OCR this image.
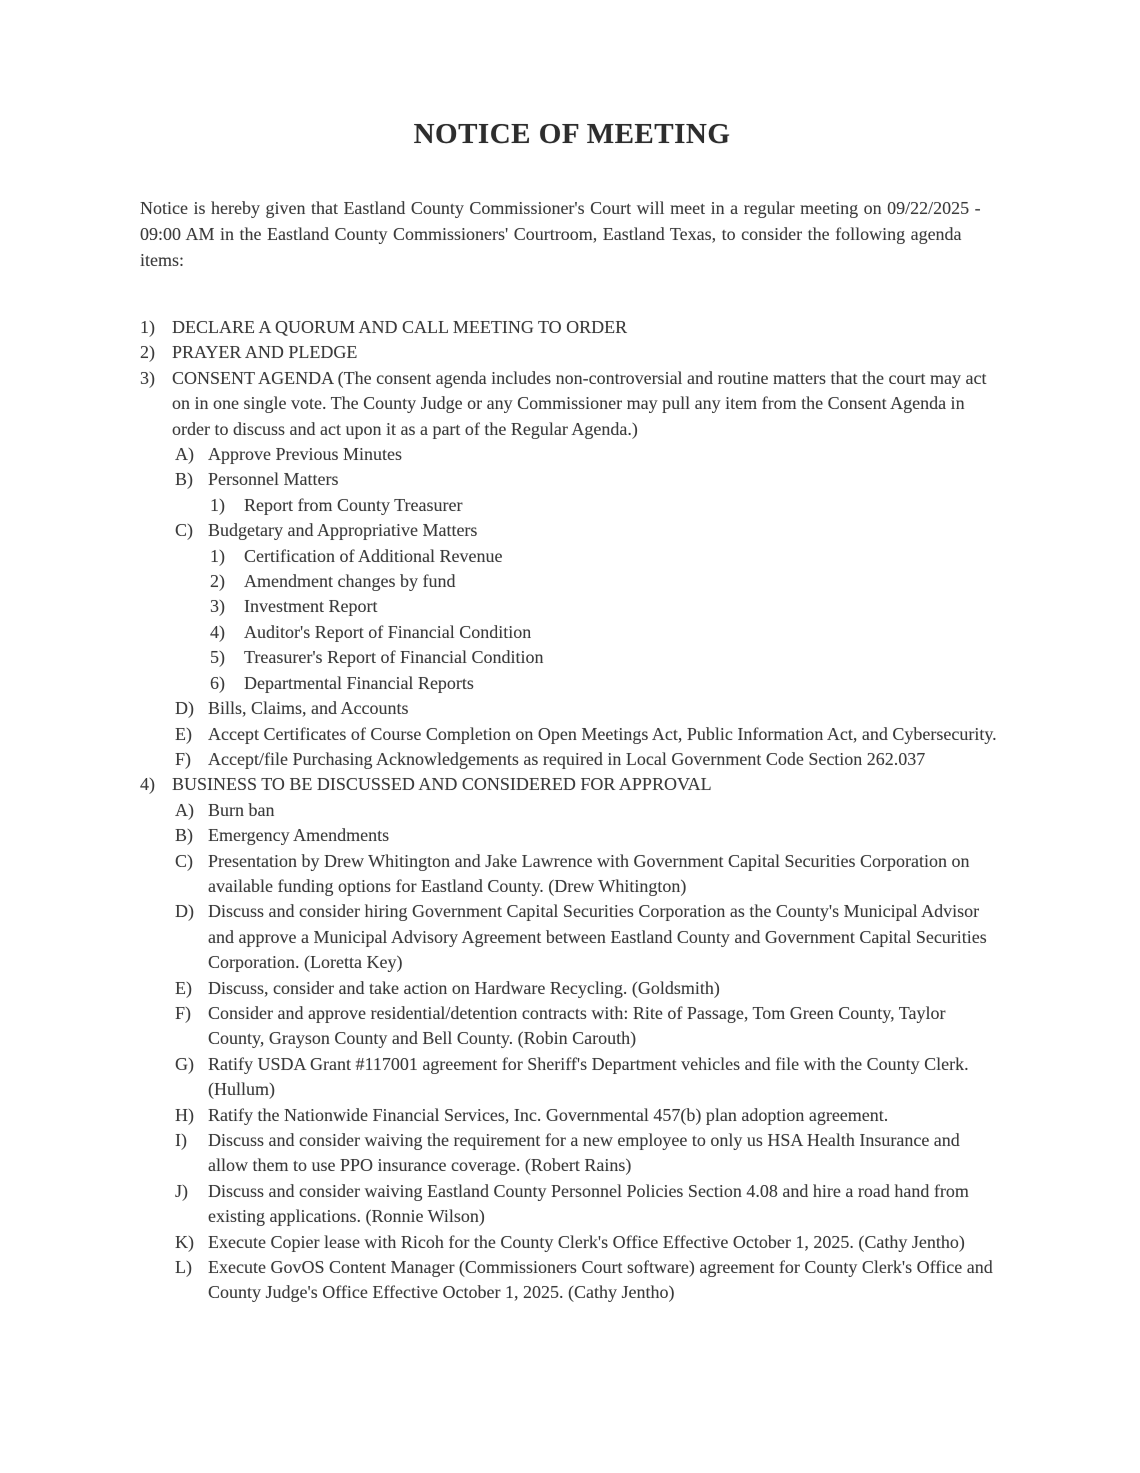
NOTICE OF MEETING

Notice is hereby given that Eastland County Commissioner's Court will meet in a regular meeting on 09/22/2025 - 09:00 AM in the Eastland County Commissioners' Courtroom, Eastland Texas, to consider the following agenda items:

1) DECLARE A QUORUM AND CALL MEETING TO ORDER
2) PRAYER AND PLEDGE
3) CONSENT AGENDA (The consent agenda includes non-controversial and routine matters that the court may act on in one single vote. The County Judge or any Commissioner may pull any item from the Consent Agenda in order to discuss and act upon it as a part of the Regular Agenda.)
A) Approve Previous Minutes
B) Personnel Matters
1)	Report from County Treasurer
C) Budgetary and Appropriative Matters
1)	Certification of Additional Revenue
2)	Amendment changes by fund
3)	Investment Report
4)	Auditor's Report of Financial Condition
5)	Treasurer's Report of Financial Condition
6)	Departmental Financial Reports
D) Bills, Claims, and Accounts
E) Accept Certificates of Course Completion on Open Meetings Act, Public Information Act, and Cybersecurity.
F) Accept/file Purchasing Acknowledgements as required in Local Government Code Section 262.037
4) BUSINESS TO BE DISCUSSED AND CONSIDERED FOR APPROVAL
A) Burn ban
B) Emergency Amendments
C) Presentation by Drew Whitington and Jake Lawrence with Government Capital Securities Corporation on available funding options for Eastland County. (Drew Whitington)
D) Discuss and consider hiring Government Capital Securities Corporation as the County's Municipal Advisor and approve a Municipal Advisory Agreement between Eastland County and Government Capital Securities Corporation. (Loretta Key)
E) Discuss, consider and take action on Hardware Recycling. (Goldsmith)
F) Consider and approve residential/detention contracts with: Rite of Passage, Tom Green County, Taylor County, Grayson County and Bell County. (Robin Carouth)
G) Ratify USDA Grant #117001 agreement for Sheriff's Department vehicles and file with the County Clerk. (Hullum)
H) Ratify the Nationwide Financial Services, Inc. Governmental 457(b) plan adoption agreement.
I)	Discuss and consider waiving the requirement for a new employee to only us HSA Health Insurance and allow them to use PPO insurance coverage. (Robert Rains)
J)	Discuss and consider waiving Eastland County Personnel Policies Section 4.08 and hire a road hand from existing applications. (Ronnie Wilson)
K) Execute Copier lease with Ricoh for the County Clerk's Office Effective October 1, 2025. (Cathy Jentho)
L) Execute GovOS Content Manager (Commissioners Court software) agreement for County Clerk's Office and County Judge's Office Effective October 1, 2025. (Cathy Jentho)
